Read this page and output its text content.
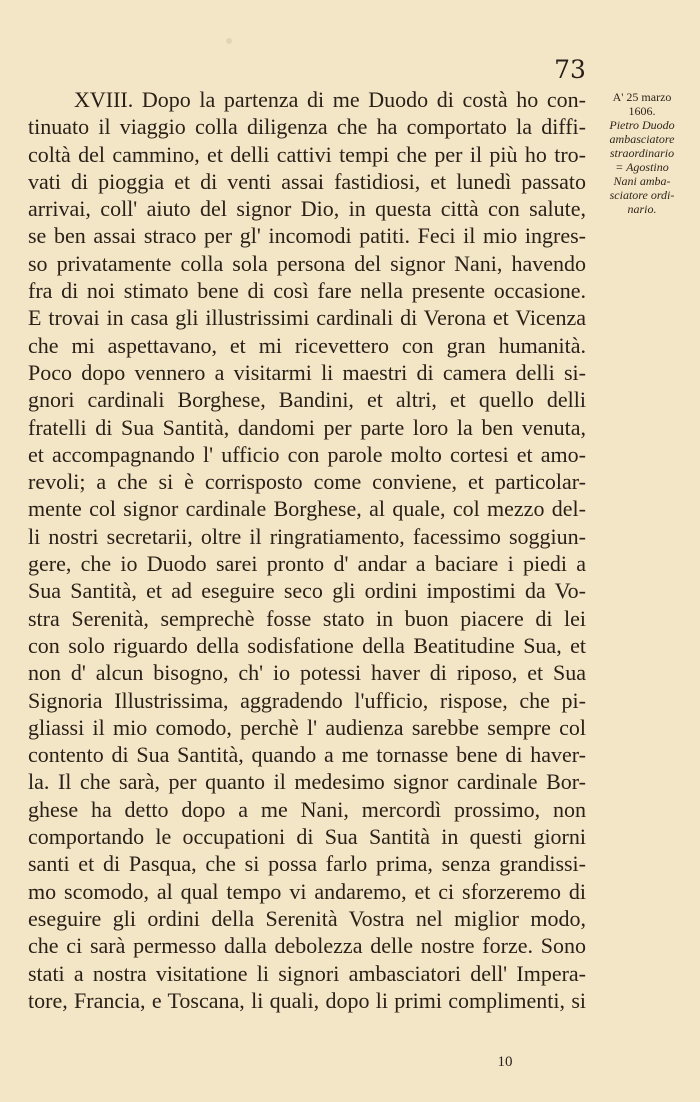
73
A' 25 marzo
1606.
Pietro Duodo
ambasciatore
straordinario
= Agostino
Nani amba-
sciatore ordi-
nario.
XVIII. Dopo la partenza di me Duodo di costà ho con-
tinuato il viaggio colla diligenza che ha comportato la diffi-
coltà del cammino, et delli cattivi tempi che per il più ho tro-
vati di pioggia et di venti assai fastidiosi, et lunedì passato
arrivai, coll' aiuto del signor Dio, in questa città con salute,
se ben assai straco per gl' incomodi patiti. Feci il mio ingres-
so privatamente colla sola persona del signor Nani, havendo
fra di noi stimato bene di così fare nella presente occasione.
E trovai in casa gli illustrissimi cardinali di Verona et Vicenza
che mi aspettavano, et mi ricevettero con gran humanità.
Poco dopo vennero a visitarmi li maestri di camera delli si-
gnori cardinali Borghese, Bandini, et altri, et quello delli
fratelli di Sua Santità, dandomi per parte loro la ben venuta,
et accompagnando l' ufficio con parole molto cortesi et amo-
revoli; a che si è corrisposto come conviene, et particolar-
mente col signor cardinale Borghese, al quale, col mezzo del-
li nostri secretarii, oltre il ringratiamento, facessimo soggiun-
gere, che io Duodo sarei pronto d' andar a baciare i piedi a
Sua Santità, et ad eseguire seco gli ordini impostimi da Vo-
stra Serenità, semprechè fosse stato in buon piacere di lei
con solo riguardo della sodisfatione della Beatitudine Sua, et
non d' alcun bisogno, ch' io potessi haver di riposo, et Sua
Signoria Illustrissima, aggradendo l'ufficio, rispose, che pi-
gliassi il mio comodo, perchè l' audienza sarebbe sempre col
contento di Sua Santità, quando a me tornasse bene di haver-
la. Il che sarà, per quanto il medesimo signor cardinale Bor-
ghese ha detto dopo a me Nani, mercordì prossimo, non
comportando le occupationi di Sua Santità in questi giorni
santi et di Pasqua, che si possa farlo prima, senza grandissi-
mo scomodo, al qual tempo vi andaremo, et ci sforzeremo di
eseguire gli ordini della Serenità Vostra nel miglior modo,
che ci sarà permesso dalla debolezza delle nostre forze. Sono
stati a nostra visitatione li signori ambasciatori dell' Impera-
tore, Francia, e Toscana, li quali, dopo li primi complimenti, si
10
